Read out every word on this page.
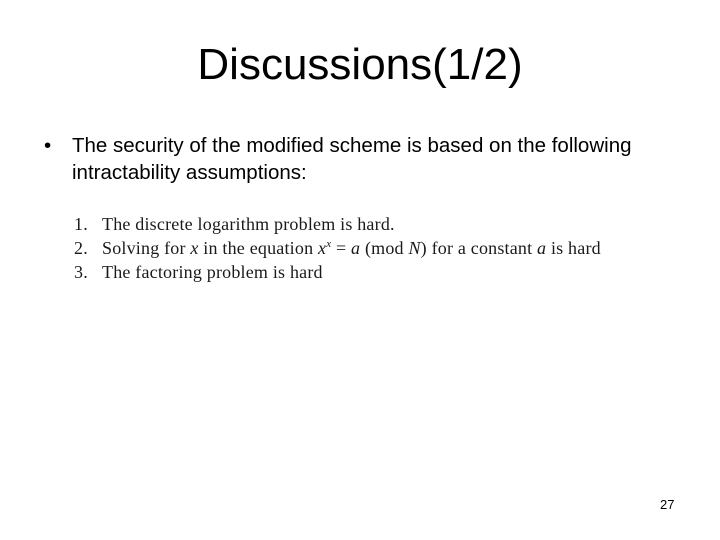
Discussions(1/2)
•	The security of the modified scheme is based on the following intractability assumptions:
1. The discrete logarithm problem is hard.
2. Solving for x in the equation $x^x = a$ (mod N) for a constant a is hard
3. The factoring problem is hard
27
